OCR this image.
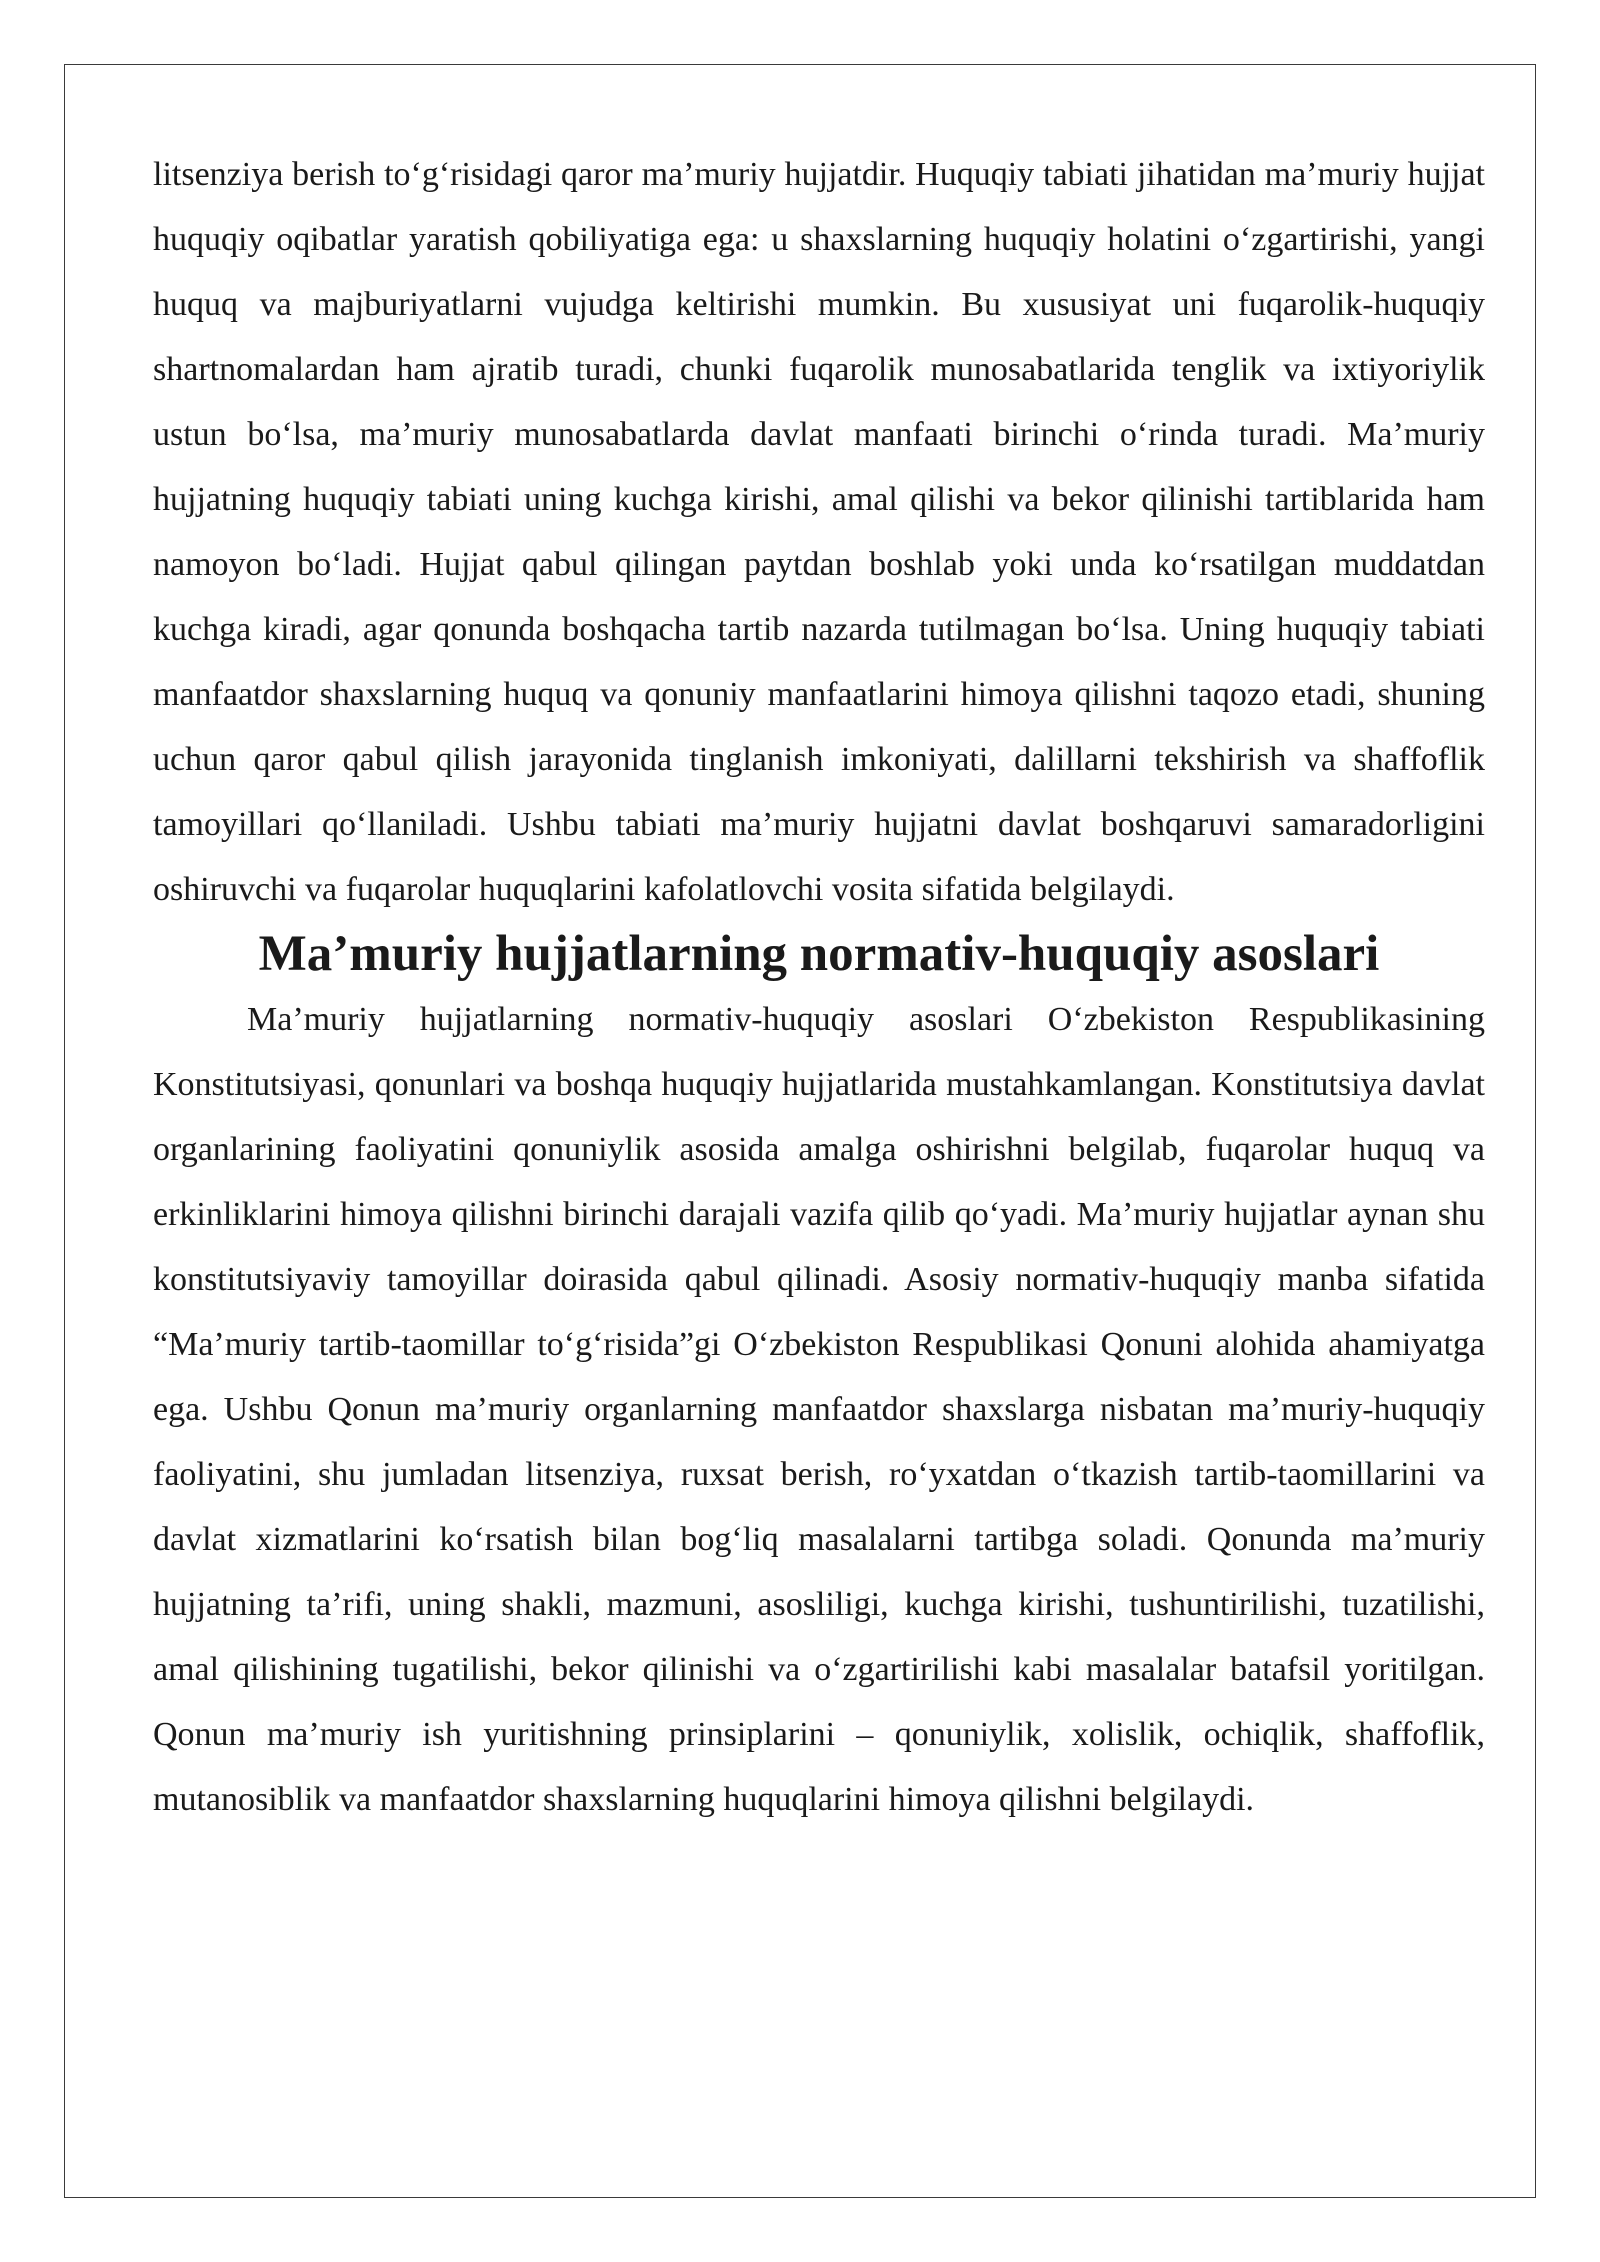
litsenziya berish to‘g‘risidagi qaror ma’muriy hujjatdir. Huquqiy tabiati jihatidan ma’muriy hujjat huquqiy oqibatlar yaratish qobiliyatiga ega: u shaxslarning huquqiy holatini o‘zgartirishi, yangi huquq va majburiyatlarni vujudga keltirishi mumkin. Bu xususiyat uni fuqarolik-huquqiy shartnomalardan ham ajratib turadi, chunki fuqarolik munosabatlarida tenglik va ixtiyoriylik ustun bo‘lsa, ma’muriy munosabatlarda davlat manfaati birinchi o‘rinda turadi. Ma’muriy hujjatning huquqiy tabiati uning kuchga kirishi, amal qilishi va bekor qilinishi tartiblarida ham namoyon bo‘ladi. Hujjat qabul qilingan paytdan boshlab yoki unda ko‘rsatilgan muddatdan kuchga kiradi, agar qonunda boshqacha tartib nazarda tutilmagan bo‘lsa. Uning huquqiy tabiati manfaatdor shaxslarning huquq va qonuniy manfaatlarini himoya qilishni taqozo etadi, shuning uchun qaror qabul qilish jarayonida tinglanish imkoniyati, dalillarni tekshirish va shaffoflik tamoyillari qo‘llaniladi. Ushbu tabiati ma’muriy hujjatni davlat boshqaruvi samaradorligini oshiruvchi va fuqarolar huquqlarini kafolatlovchi vosita sifatida belgilaydi.

Ma’muriy hujjatlarning normativ-huquqiy asoslari

Ma’muriy hujjatlarning normativ-huquqiy asoslari O‘zbekiston Respublikasining Konstitutsiyasi, qonunlari va boshqa huquqiy hujjatlarida mustahkamlangan. Konstitutsiya davlat organlarining faoliyatini qonuniylik asosida amalga oshirishni belgilab, fuqarolar huquq va erkinliklarini himoya qilishni birinchi darajali vazifa qilib qo‘yadi. Ma’muriy hujjatlar aynan shu konstitutsiyaviy tamoyillar doirasida qabul qilinadi. Asosiy normativ-huquqiy manba sifatida “Ma’muriy tartib-taomillar to‘g‘risida”gi O‘zbekiston Respublikasi Qonuni alohida ahamiyatga ega. Ushbu Qonun ma’muriy organlarning manfaatdor shaxslarga nisbatan ma’muriy-huquqiy faoliyatini, shu jumladan litsenziya, ruxsat berish, ro‘yxatdan o‘tkazish tartib-taomillarini va davlat xizmatlarini ko‘rsatish bilan bog‘liq masalalarni tartibga soladi. Qonunda ma’muriy hujjatning ta’rifi, uning shakli, mazmuni, asosliligi, kuchga kirishi, tushuntirilishi, tuzatilishi, amal qilishining tugatilishi, bekor qilinishi va o‘zgartirilishi kabi masalalar batafsil yoritilgan. Qonun ma’muriy ish yuritishning prinsiplarini – qonuniylik, xolislik, ochiqlik, shaffoflik, mutanosiblik va manfaatdor shaxslarning huquqlarini himoya qilishni belgilaydi.
